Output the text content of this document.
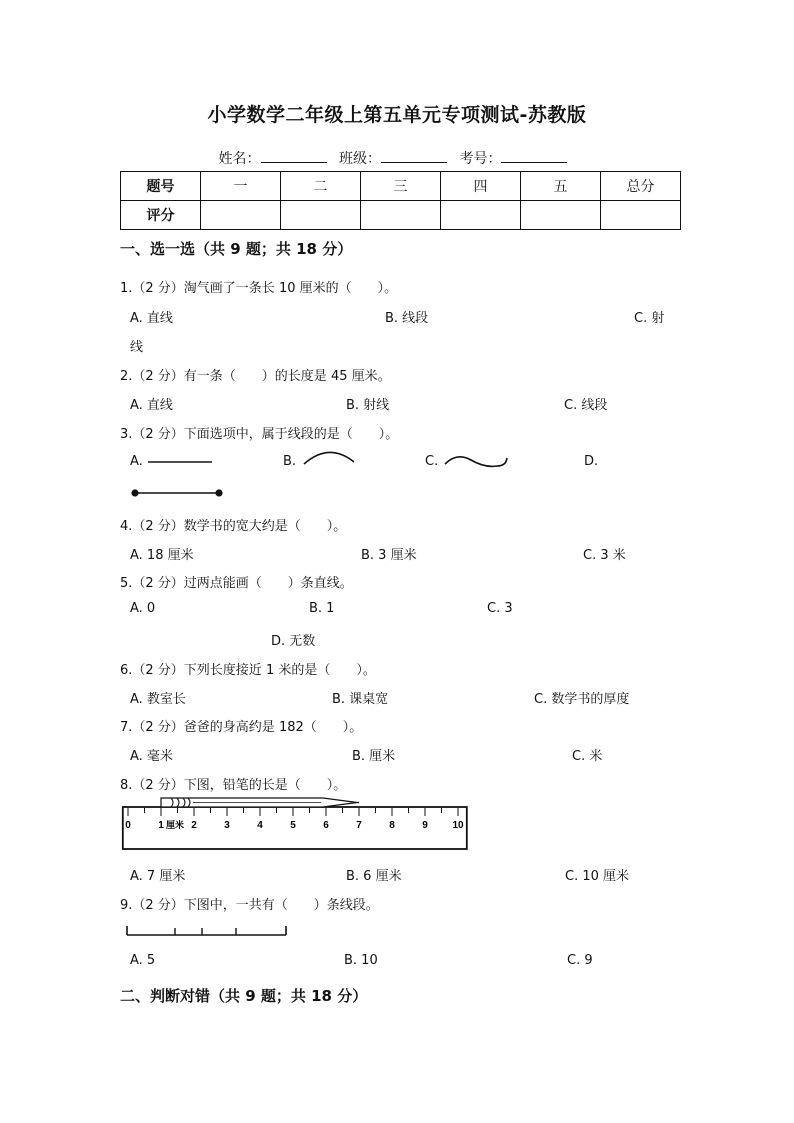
小学数学二年级上第五单元专项测试-苏教版
姓名：	班级：	考号：
题号	一	二	三	四	五	总分
评分						
一、选一选（共 9 题；共 18 分）
1.（2 分）淘气画了一条长 10 厘米的（　　）。
A. 直线	B. 线段	C. 射
线
2.（2 分）有一条（　　）的长度是 45 厘米。
A. 直线	B. 射线	C. 线段
3.（2 分）下面选项中，属于线段的是（　　）。
A.	B.	C.	D.
4.（2 分）数学书的宽大约是（　　）。
A. 18 厘米	B. 3 厘米	C. 3 米
5.（2 分）过两点能画（　　）条直线。
A. 0	B. 1	C. 3
D. 无数
6.（2 分）下列长度接近 1 米的是（　　）。
A. 教室长	B. 课桌宽	C. 数学书的厚度
7.（2 分）爸爸的身高约是 182（　　）。
A. 毫米	B. 厘米	C. 米
8.（2 分）下图，铅笔的长是（　　）。
0	1 厘米 2	3	4	5	6	7	8	9 10
A. 7 厘米	B. 6 厘米	C. 10 厘米
9.（2 分）下图中，一共有（　　）条线段。
A. 5	B. 10	C. 9
二、判断对错（共 9 题；共 18 分）
